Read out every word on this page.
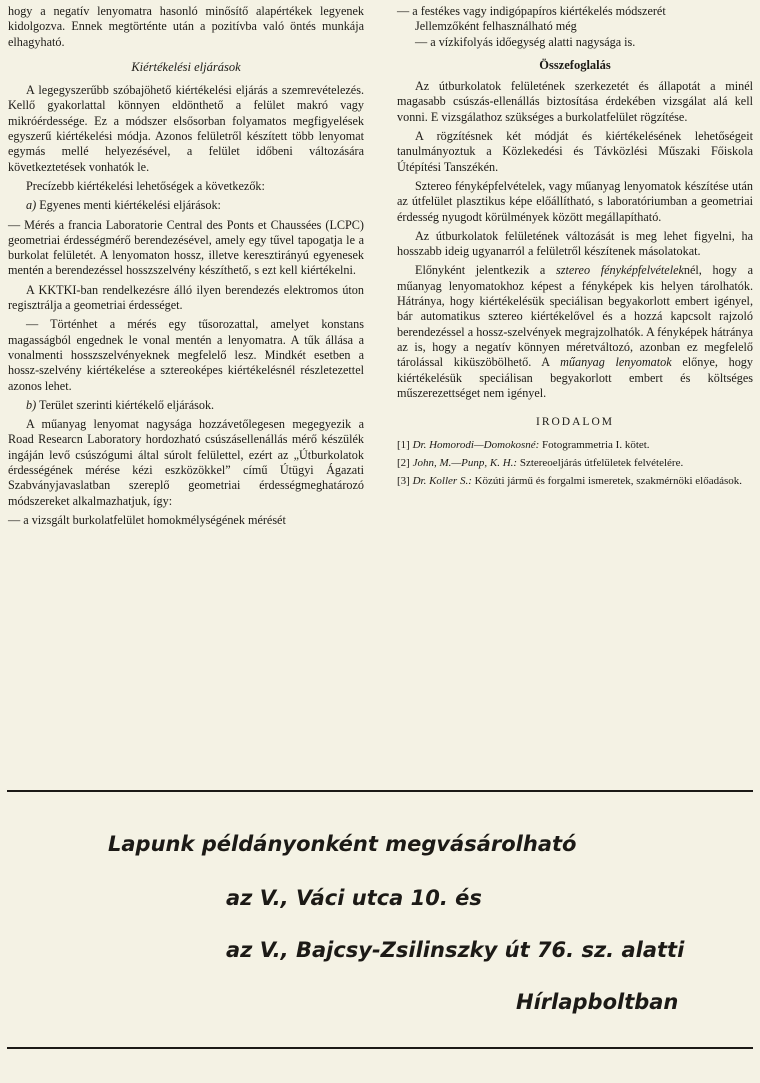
hogy a negatív lenyomatra hasonló minősítő alapértékek legyenek kidolgozva. Ennek megtörténte után a pozitívba való öntés munkája elhagyható.

Kiértékelési eljárások

A legegyszerűbb szóbajöhető kiértékelési eljárás a szemrevételezés. Kellő gyakorlattal könnyen eldönthető a felület makró vagy mikróérdessége. Ez a módszer elsősorban folyamatos megfigyelések egyszerű kiértékelési módja. Azonos felületről készített több lenyomat egymás mellé helyezésével, a felület időbeni változására következtetések vonhatók le.

Precízebb kiértékelési lehetőségek a következők:

a) Egyenes menti kiértékelési eljárások:

— Mérés a francia Laboratorie Central des Ponts et Chaussées (LCPC) geometriai érdességmérő berendezésével, amely egy tűvel tapogatja le a burkolat felületét. A lenyomaton hossz, illetve keresztirányú egyenesek mentén a berendezéssel hosszszelvény készíthető, s ezt kell kiértékelni.

A KKTKI-ban rendelkezésre álló ilyen berendezés elektromos úton regisztrálja a geometriai érdességet.

— Történhet a mérés egy tűsorozattal, amelyet konstans magasságból engednek le vonal mentén a lenyomatra. A tűk állása a vonalmenti hosszszelvényeknek megfelelő lesz. Mindkét esetben a hossz-szelvény kiértékelése a sztereoképes kiértékelésnél részletezettel azonos lehet.

b) Terület szerinti kiértékelő eljárások.

A műanyag lenyomat nagysága hozzávetőlegesen megegyezik a Road Researcn Laboratory hordozható csúszásellenállás mérő készülék ingáján levő csúszógumi által súrolt felülettel, ezért az „Útburkolatok érdességének mérése kézi eszközökkel” című Útügyi Ágazati Szabványjavaslatban szereplő geometriai érdességmeghatározó módszereket alkalmazhatjuk, így:

— a vizsgált burkolatfelület homokmélységének mérését

— a festékes vagy indigópapíros kiértékelés módszerét

Jellemzőként felhasználható még

— a vízkifolyás időegység alatti nagysága is.

Összefoglalás

Az útburkolatok felületének szerkezetét és állapotát a minél magasabb csúszás-ellenállás biztosítása érdekében vizsgálat alá kell vonni. E vizsgálathoz szükséges a burkolatfelület rögzítése.

A rögzítésnek két módját és kiértékelésének lehetőségeit tanulmányoztuk a Közlekedési és Távközlési Műszaki Főiskola Útépítési Tanszékén.

Sztereo fényképfelvételek, vagy műanyag lenyomatok készítése után az útfelület plasztikus képe előállítható, s laboratóriumban a geometriai érdesség nyugodt körülmények között megállapítható.

Az útburkolatok felületének változását is meg lehet figyelni, ha hosszabb ideig ugyanarról a felületről készítenek másolatokat.

Előnyként jelentkezik a sztereo fényképfelvételeknél, hogy a műanyag lenyomatokhoz képest a fényképek kis helyen tárolhatók. Hátránya, hogy kiértékelésük speciálisan begyakorlott embert igényel, bár automatikus sztereo kiértékelővel és a hozzá kapcsolt rajzoló berendezéssel a hossz-szelvények megrajzolhatók. A fényképek hátránya az is, hogy a negatív könnyen méretváltozó, azonban ez megfelelő tárolással kiküszöbölhető. A műanyag lenyomatok előnye, hogy kiértékelésük speciálisan begyakorlott embert és költséges műszerezettséget nem igényel.

IRODALOM

[1] Dr. Homorodi—Domokosné: Fotogrammetria I. kötet.

[2] John, M.—Punp, K. H.: Sztereoeljárás útfelületek felvételére.

[3] Dr. Koller S.: Közúti jármű és forgalmi ismeretek, szakmérnöki előadások.

Lapunk példányonként megvásárolható
az V., Váci utca 10. és
az V., Bajcsy-Zsilinszky út 76. sz. alatti
Hírlapboltban
